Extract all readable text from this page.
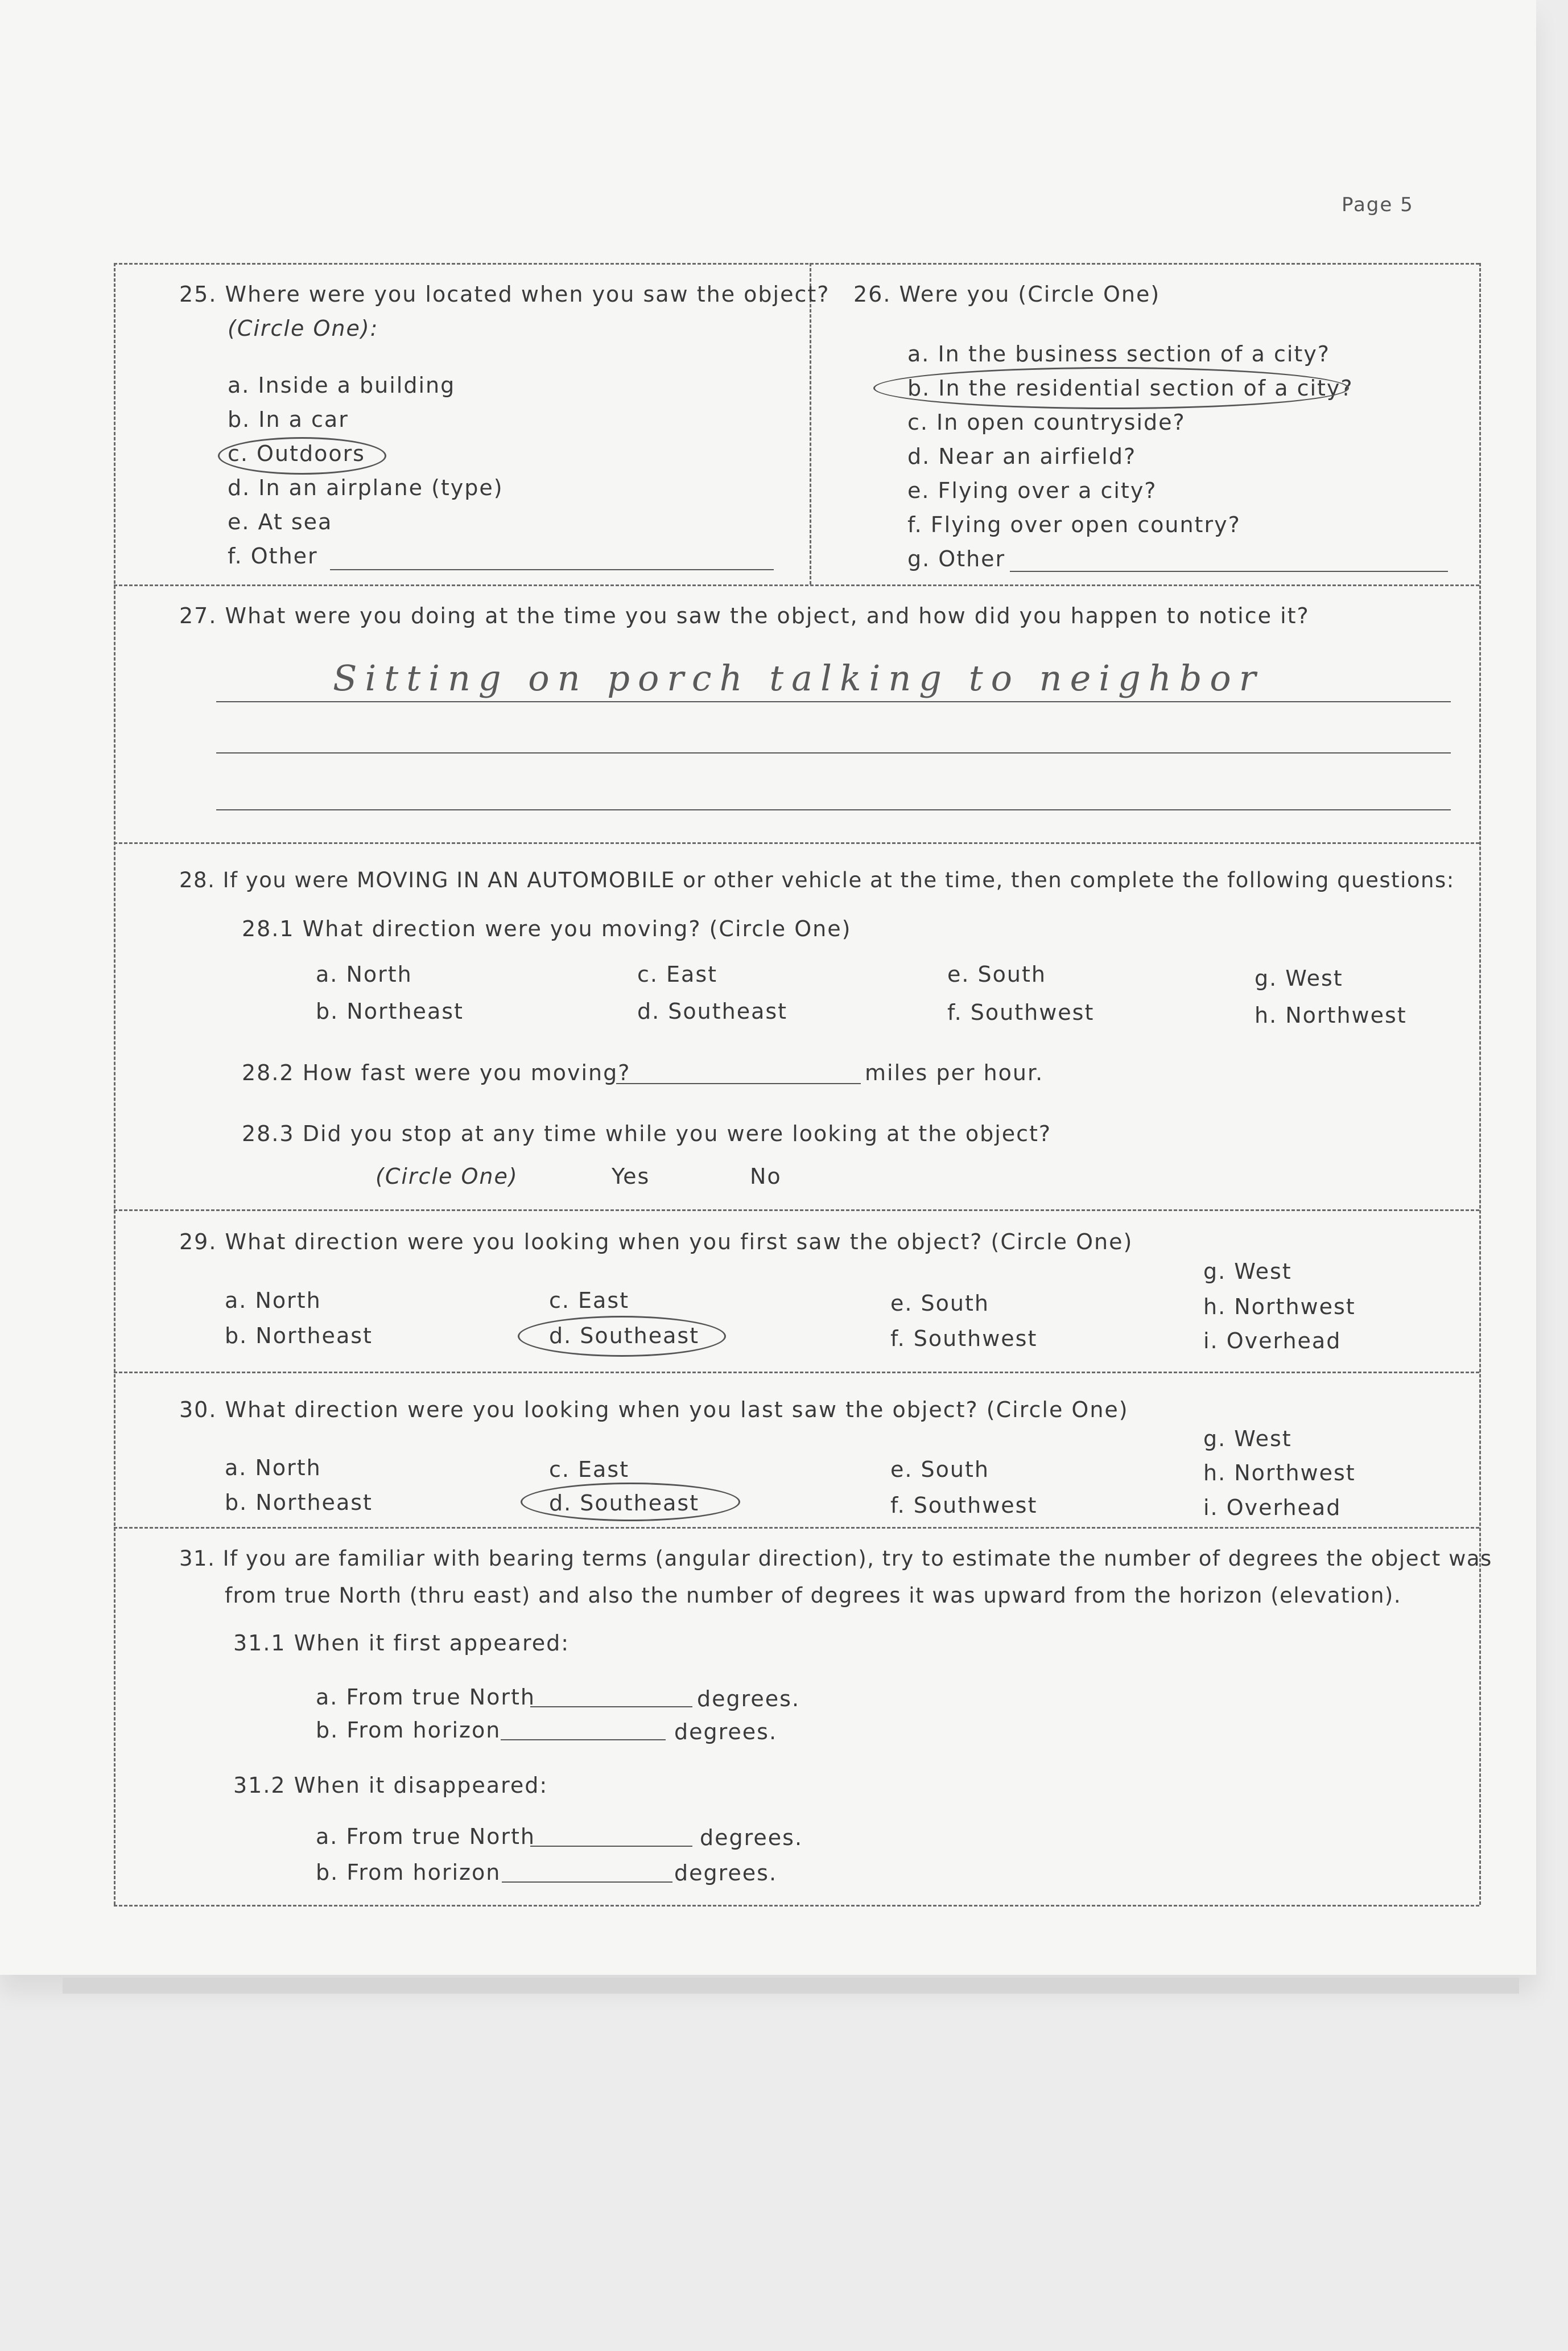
Page 5
25. Where were you located when you saw the object?
(Circle One):
a. Inside a building
b. In a car
c. Outdoors
d. In an airplane (type)
e. At sea
f. Other
26. Were you (Circle One)
a. In the business section of a city?
b. In the residential section of a city?
c. In open countryside?
d. Near an airfield?
e. Flying over a city?
f. Flying over open country?
g. Other
27. What were you doing at the time you saw the object, and how did you happen to notice it?
Sitting on porch talking to neighbor
28. If you were MOVING IN AN AUTOMOBILE or other vehicle at the time, then complete the following questions:
28.1 What direction were you moving? (Circle One)
a. North	c. East	e. South	g. West
b. Northeast	d. Southeast	f. Southwest	h. Northwest
28.2 How fast were you moving?	miles per hour.
28.3 Did you stop at any time while you were looking at the object?
(Circle One)	Yes	No
29. What direction were you looking when you first saw the object? (Circle One)
g. West
a. North	c. East	e. South	h. Northwest
b. Northeast	d. Southeast	f. Southwest	i. Overhead
30. What direction were you looking when you last saw the object? (Circle One)
g. West
a. North	c. East	e. South	h. Northwest
b. Northeast	d. Southeast	f. Southwest	i. Overhead
31. If you are familiar with bearing terms (angular direction), try to estimate the number of degrees the object was
from true North (thru east) and also the number of degrees it was upward from the horizon (elevation).
31.1 When it first appeared:
a. From true North	degrees.
b. From horizon	degrees.
31.2 When it disappeared:
a. From true North	degrees.
b. From horizon	degrees.
